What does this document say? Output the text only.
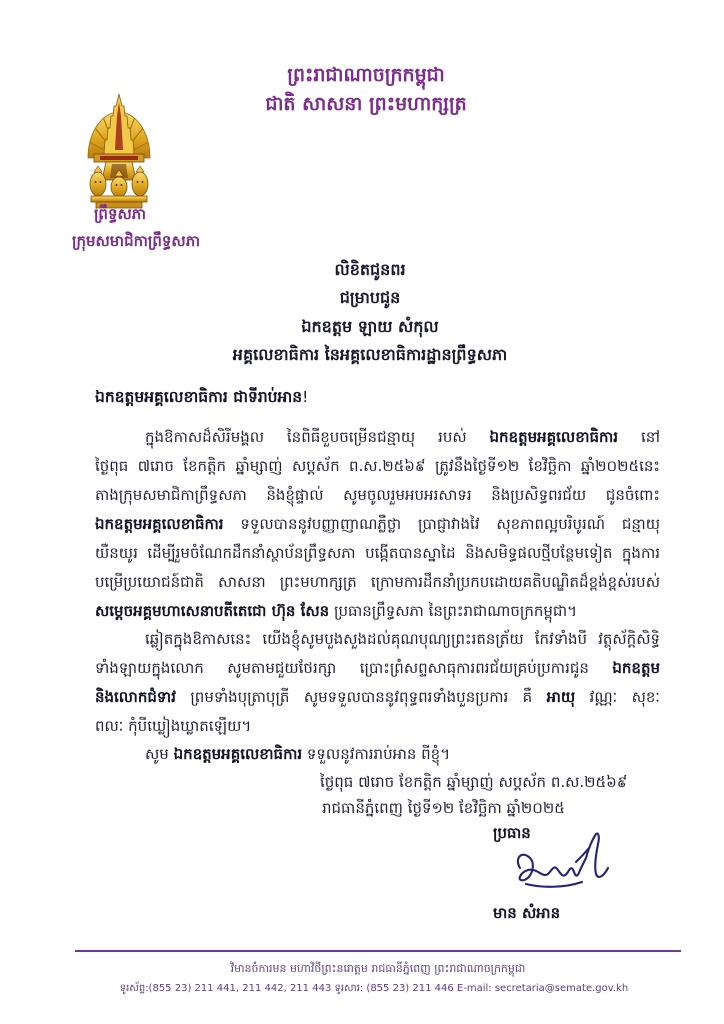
ព្រះរាជាណាចក្រកម្ពុជា
ជាតិ សាសនា ព្រះមហាក្សត្រ
ព្រឹទ្ធសភា
ក្រុមសមាជិកាព្រឹទ្ធសភា
លិខិតជូនពរ
ជម្រាបជូន
ឯកឧត្តម ឡាយ សំកុល
អគ្គលេខាធិការ នៃអគ្គលេខាធិការដ្ឋានព្រឹទ្ធសភា
ឯកឧត្តមអគ្គលេខាធិការ ជាទីរាប់អាន!
ក្នុងឱកាសដ៏សិរីមង្គល នៃពិធីខួបចម្រើនជន្មាយុ របស់ ឯកឧត្តមអគ្គលេខាធិការ នៅ
ថ្ងៃពុធ ៧រោច ខែកត្តិក ឆ្នាំម្សាញ់ សប្តស័ក ព.ស.២៥៦៩ ត្រូវនឹងថ្ងៃទី១២ ខែវិច្ឆិកា ឆ្នាំ២០២៥នេះ
តាងក្រុមសមាជិកាព្រឹទ្ធសភា និងខ្ញុំផ្ទាល់ សូមចូលរួមអបអរសាទរ និងប្រសិទ្ធពរជ័យ ជូនចំពោះ
ឯកឧត្តមអគ្គលេខាធិការ ទទួលបាននូវបញ្ញាញាណភ្លឺថ្លា ប្រាជ្ញាវាងវៃ សុខភាពល្អបរិបូរណ៍ ជន្មាយុ
យឺនយូរ ដើម្បីរួមចំណែកដឹកនាំស្ថាប័នព្រឹទ្ធសភា បង្កើតបានស្នាដៃ និងសមិទ្ធផលថ្មីបន្ថែមទៀត ក្នុងការ
បម្រើប្រយោជន៍ជាតិ សាសនា ព្រះមហាក្សត្រ ក្រោមការដឹកនាំប្រកបដោយគតិបណ្ឌិតដ៏ខ្ពង់ខ្ពស់របស់
សម្តេចអគ្គមហាសេនាបតីតេជោ ហ៊ុន សែន ប្រធានព្រឹទ្ធសភា នៃព្រះរាជាណាចក្រកម្ពុជា។
ឆ្លៀតក្នុងឱកាសនេះ យើងខ្ញុំសូមបួងសួងដល់គុណបុណ្យព្រះរតនត្រ័យ កែវទាំងបី វត្ថុស័ក្តិសិទ្ធិ
ទាំងឡាយក្នុងលោក សូមតាមជួយថែរក្សា ប្រោះព្រំសព្ទសាធុការពរជ័យគ្រប់ប្រការជូន ឯកឧត្តម
និងលោកជំទាវ ព្រមទាំងបុត្រាបុត្រី សូមទទួលបាននូវពុទ្ធពរទាំងបួនប្រការ គឺ អាយុ វណ្ណៈ សុខៈ
ពលៈ កុំបីឃ្លៀងឃ្លាតឡើយ។
សូម ឯកឧត្តមអគ្គលេខាធិការ ទទួលនូវការរាប់អាន ពីខ្ញុំ។
ថ្ងៃពុធ ៧រោច ខែកត្តិក ឆ្នាំម្សាញ់ សប្តស័ក ព.ស.២៥៦៩
រាជធានីភ្នំពេញ ថ្ងៃទី១២ ខែវិច្ឆិកា ឆ្នាំ២០២៥
ប្រធាន
មាន សំអាន
វិមានចំការមន មហាវិថីព្រះនរោត្តម រាជធានីភ្នំពេញ ព្រះរាជាណាចក្រកម្ពុជា
ទូរស័ព្ទ:(855 23) 211 441, 211 442, 211 443 ទូរសារ: (855 23) 211 446 E-mail: secretaria@semate.gov.kh
